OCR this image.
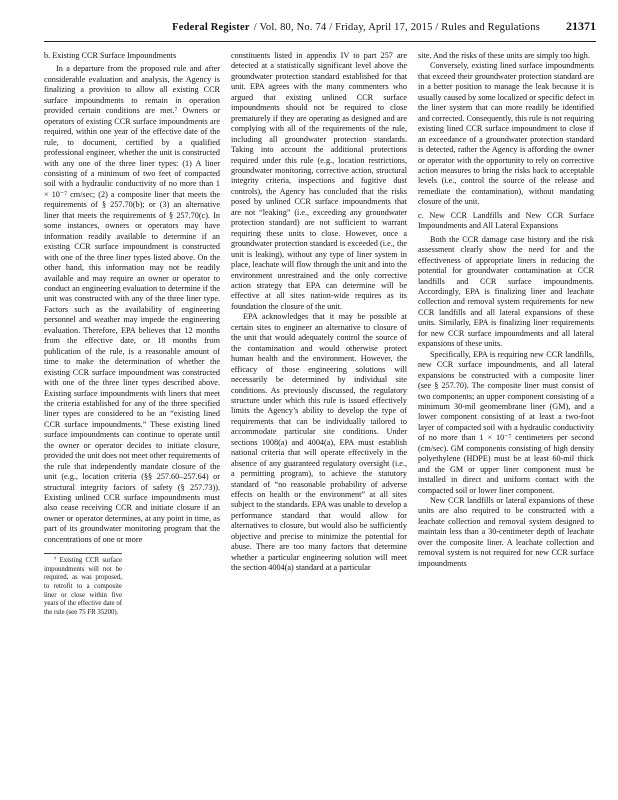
Federal Register / Vol. 80, No. 74 / Friday, April 17, 2015 / Rules and Regulations 21371

b. Existing CCR Surface Impoundments

In a departure from the proposed rule and after considerable evaluation and analysis, the Agency is finalizing a provision to allow all existing CCR surface impoundments to remain in operation provided certain conditions are met.⁷ Owners or operators of existing CCR surface impoundments are required, within one year of the effective date of the rule, to document, certified by a qualified professional engineer, whether the unit is constructed with any one of the three liner types: (1) A liner consisting of a minimum of two feet of compacted soil with a hydraulic conductivity of no more than 1 × 10⁻⁷ cm/sec; (2) a composite liner that meets the requirements of § 257.70(b); or (3) an alternative liner that meets the requirements of § 257.70(c). In some instances, owners or operators may have information readily available to determine if an existing CCR surface impoundment is constructed with one of the three liner types listed above. On the other hand, this information may not be readily available and may require an owner or operator to conduct an engineering evaluation to determine if the unit was constructed with any of the three liner type. Factors such as the availability of engineering personnel and weather may impede the engineering evaluation. Therefore, EPA believes that 12 months from the effective date, or 18 months from publication of the rule, is a reasonable amount of time to make the determination of whether the existing CCR surface impoundment was constructed with one of the three liner types described above. Existing surface impoundments with liners that meet the criteria established for any of the three specified liner types are considered to be an “existing lined CCR surface impoundments.” These existing lined surface impoundments can continue to operate until the owner or operator decides to initiate closure, provided the unit does not meet other requirements of the rule that independently mandate closure of the unit (e.g., location criteria (§§ 257.60–257.64) or structural integrity factors of safety (§ 257.73)). Existing unlined CCR surface impoundments must also cease receiving CCR and initiate closure if an owner or operator determines, at any point in time, as part of its groundwater monitoring program that the concentrations of one or more

⁷ Existing CCR surface impoundments will not be required, as was proposed, to retrofit to a composite liner or close within five years of the effective date of the rule (see 75 FR 35200).

constituents listed in appendix IV to part 257 are detected at a statistically significant level above the groundwater protection standard established for that unit. EPA agrees with the many commenters who argued that existing unlined CCR surface impoundments should not be required to close prematurely if they are operating as designed and are complying with all of the requirements of the rule, including all groundwater protection standards. Taking into account the additional protections required under this rule (e.g., location restrictions, groundwater monitoring, corrective action, structural integrity criteria, inspections and fugitive dust controls), the Agency has concluded that the risks posed by unlined CCR surface impoundments that are not “leaking” (i.e., exceeding any groundwater protection standard) are not sufficient to warrant requiring these units to close. However, once a groundwater protection standard is exceeded (i.e., the unit is leaking), without any type of liner system in place, leachate will flow through the unit and into the environment unrestrained and the only corrective action strategy that EPA can determine will be effective at all sites nation-wide requires as its foundation the closure of the unit.

EPA acknowledges that it may be possible at certain sites to engineer an alternative to closure of the unit that would adequately control the source of the contamination and would otherwise protect human health and the environment. However, the efficacy of those engineering solutions will necessarily be determined by individual site conditions. As previously discussed, the regulatory structure under which this rule is issued effectively limits the Agency’s ability to develop the type of requirements that can be individually tailored to accommodate particular site conditions. Under sections 1008(a) and 4004(a), EPA must establish national criteria that will operate effectively in the absence of any guaranteed regulatory oversight (i.e., a permitting program), to achieve the statutory standard of “no reasonable probability of adverse effects on health or the environment” at all sites subject to the standards. EPA was unable to develop a performance standard that would allow for alternatives to closure, but would also be sufficiently objective and precise to minimize the potential for abuse. There are too many factors that determine whether a particular engineering solution will meet the section 4004(a) standard at a particular

site. And the risks of these units are simply too high.

Conversely, existing lined surface impoundments that exceed their groundwater protection standard are in a better position to manage the leak because it is usually caused by some localized or specific defect in the liner system that can more readily be identified and corrected. Consequently, this rule is not requiring existing lined CCR surface impoundment to close if an exceedance of a groundwater protection standard is detected, rather the Agency is affording the owner or operator with the opportunity to rely on corrective action measures to bring the risks back to acceptable levels (i.e., control the source of the release and remediate the contamination), without mandating closure of the unit.

c. New CCR Landfills and New CCR Surface Impoundments and All Lateral Expansions

Both the CCR damage case history and the risk assessment clearly show the need for and the effectiveness of appropriate liners in reducing the potential for groundwater contamination at CCR landfills and CCR surface impoundments. Accordingly, EPA is finalizing liner and leachate collection and removal system requirements for new CCR landfills and all lateral expansions of these units. Similarly, EPA is finalizing liner requirements for new CCR surface impoundments and all lateral expansions of these units.

Specifically, EPA is requiring new CCR landfills, new CCR surface impoundments, and all lateral expansions be constructed with a composite liner (see § 257.70). The composite liner must consist of two components; an upper component consisting of a minimum 30-mil geomembrane liner (GM), and a lower component consisting of at least a two-foot layer of compacted soil with a hydraulic conductivity of no more than 1 × 10⁻⁷ centimeters per second (cm/sec). GM components consisting of high density polyethylene (HDPE) must be at least 60-mil thick and the GM or upper liner component must be installed in direct and uniform contact with the compacted soil or lower liner component.

New CCR landfills or lateral expansions of these units are also required to be constructed with a leachate collection and removal system designed to maintain less than a 30-centimeter depth of leachate over the composite liner. A leachate collection and removal system is not required for new CCR surface impoundments
